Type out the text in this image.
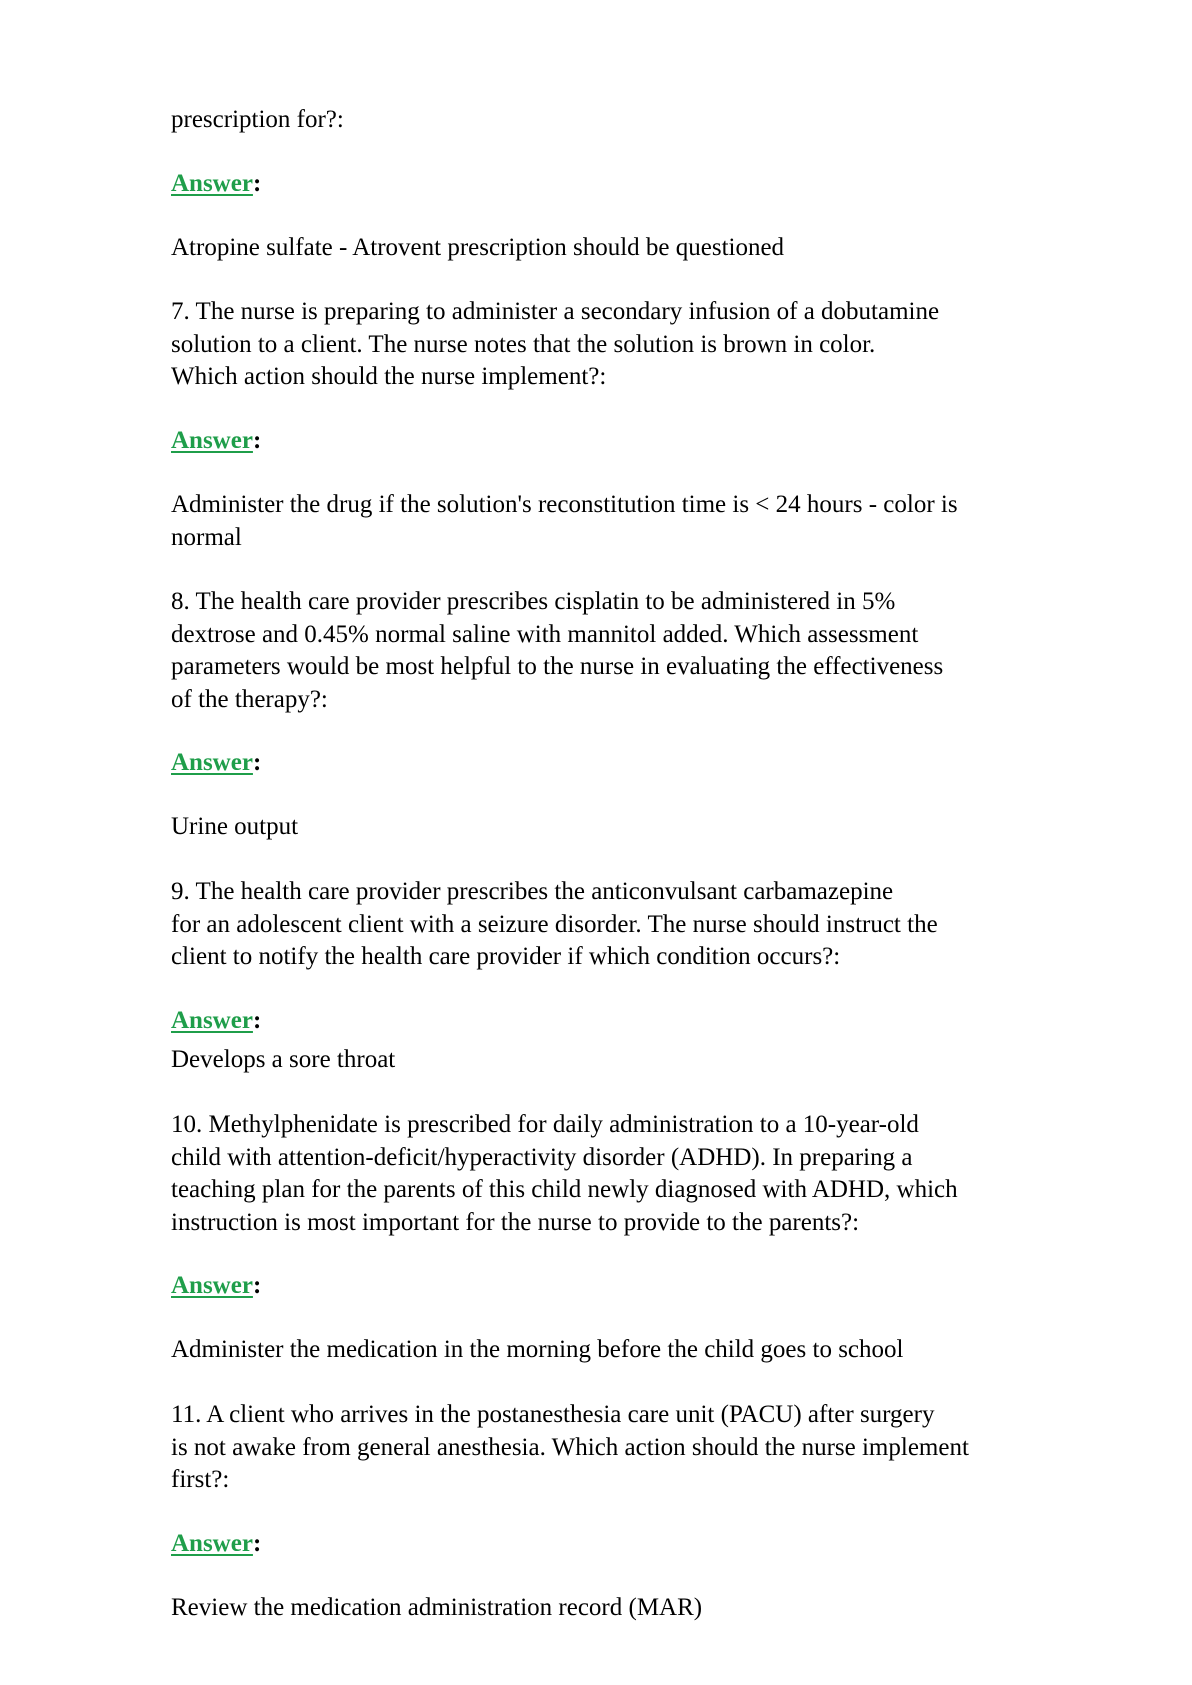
prescription for?:
Answer:
Atropine sulfate - Atrovent prescription should be questioned
7. The nurse is preparing to administer a secondary infusion of a dobutamine
solution to a client. The nurse notes that the solution is brown in color.
Which action should the nurse implement?:
Answer:
Administer the drug if the solution's reconstitution time is < 24 hours - color is
normal
8. The health care provider prescribes cisplatin to be administered in 5%
dextrose and 0.45% normal saline with mannitol added. Which assessment
parameters would be most helpful to the nurse in evaluating the effectiveness
of the therapy?:
Answer:
Urine output
9. The health care provider prescribes the anticonvulsant carbamazepine
for an adolescent client with a seizure disorder. The nurse should instruct the
client to notify the health care provider if which condition occurs?:
Answer:
Develops a sore throat
10. Methylphenidate is prescribed for daily administration to a 10-year-old
child with attention-deficit/hyperactivity disorder (ADHD). In preparing a
teaching plan for the parents of this child newly diagnosed with ADHD, which
instruction is most important for the nurse to provide to the parents?:
Answer:
Administer the medication in the morning before the child goes to school
11. A client who arrives in the postanesthesia care unit (PACU) after surgery
is not awake from general anesthesia. Which action should the nurse implement
first?:
Answer:
Review the medication administration record (MAR)
